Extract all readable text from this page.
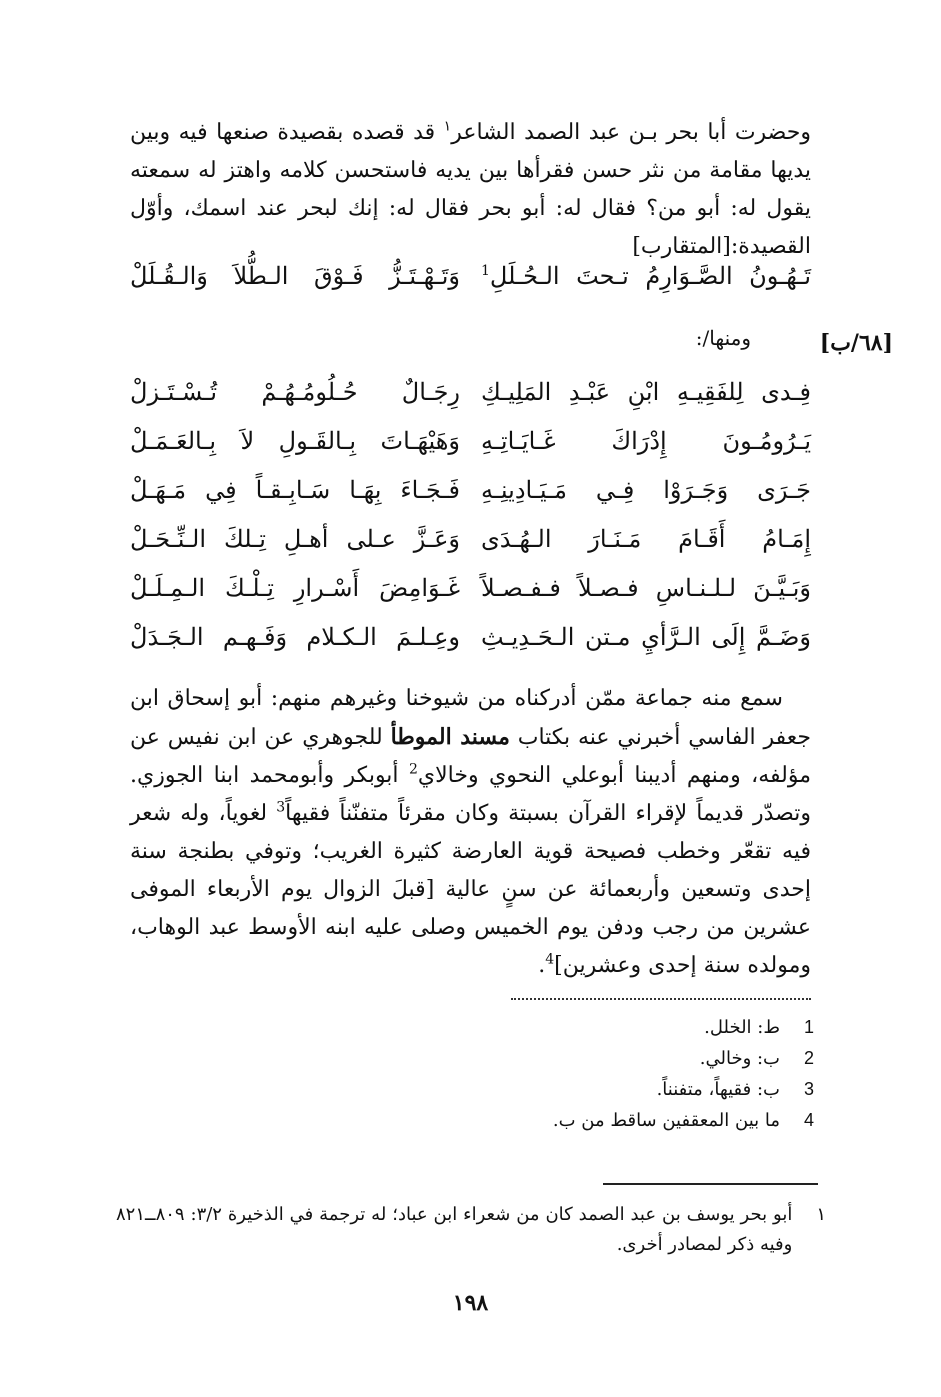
وحضرت أبا بحر بـن عبد الصمد الشاعر$^١$ قد قصده بقصيدة صنعها فيه وبين يديها مقامة من نثر حسن فقرأها بين يديه فاستحسن كلامه واهتز له سمعته يقول له: أبو من؟ فقال له: أبو بحر فقال له: إنك لبحر عند اسمك، وأوّل القصيدة:[المتقارب]

تَـهُـونُ الصَّـوَارِمُ تـحتَ الـحُـلَلِ$^1$
وَتَـهْـتَـزُّ فَـوْقَ الـطُّلاَ وَالـقُـلَلْ
[٦٨/ب]
ومنها/:
فِـدى لِلفَقِيـهِ ابْنِ عَبْـدِ المَلِيـكِ
رِجَـالٌ حُـلُومُـهُـمْ تُـسْـتَـزلْ
يَـرُومُـونَ إِدْرَاكَ غَـايَـاتِـهِ
وَهَيْهَـاتَ بِـالقَـولِ لاَ بِـالعَـمَـلْ
جَـرَى وَجَـرَوْا فِـي مَـيَـادِينِـهِ
فَـجَـاءَ بِهَـا سَـابِـقـاً فِي مَـهَـلْ
إِمَـامُ أَقَـامَ مَـنَـارَ الـهُـدَى
وَعَـزَّ عـلى أهـلِ تِـلكَ الـنِّـحَـلْ
وَبَـيَّـنَ لـلـنـاسِ فـصـلاً فـفـصـلاً
غَـوَامِضَ أَسْـرارِ تِـلْـكَ الـمِـلَـلْ
وَضَـمَّ إِلَى الـرَّأيِ مـتن الـحَـدِيـثِ
وعِـلـمَ الـكـلام وَفَـهـم الـجَـدَلْ

سمع منه جماعة ممّن أدركناه من شيوخنا وغيرهم منهم: أبو إسحاق ابن جعفر الفاسي أخبرني عنه بكتاب مسند الموطأ للجوهري عن ابن نفيس عن مؤلفه، ومنهم أديبنا أبوعلي النحوي وخالاي$^2$ أبوبكر وأبومحمد ابنا الجوزي. وتصدّر قديماً لإقراء القرآن بسبتة وكان مقرئاً متفنّناً فقيهاً$^3$ لغوياً، وله شعر فيه تقعّر وخطب فصيحة قوية العارضة كثيرة الغريب؛ وتوفي بطنجة سنة إحدى وتسعين وأربعمائة عن سنٍ عالية [قبلَ الزوال يوم الأربعاء الموفى عشرين من رجب ودفن يوم الخميس وصلى عليه ابنه الأوسط عبد الوهاب، ومولده سنة إحدى وعشرين]$^4$.

1
ط: الخلل.
2
ب: وخالي.
3
ب: فقيهاً، متفنناً.
4
ما بين المعقفين ساقط من ب.
١
أبو بحر يوسف بن عبد الصمد كان من شعراء ابن عباد؛ له ترجمة في الذخيرة ٣/٢: ٨٠٩ــ٨٢١ وفيه ذكر لمصادر أخرى.
١٩٨
